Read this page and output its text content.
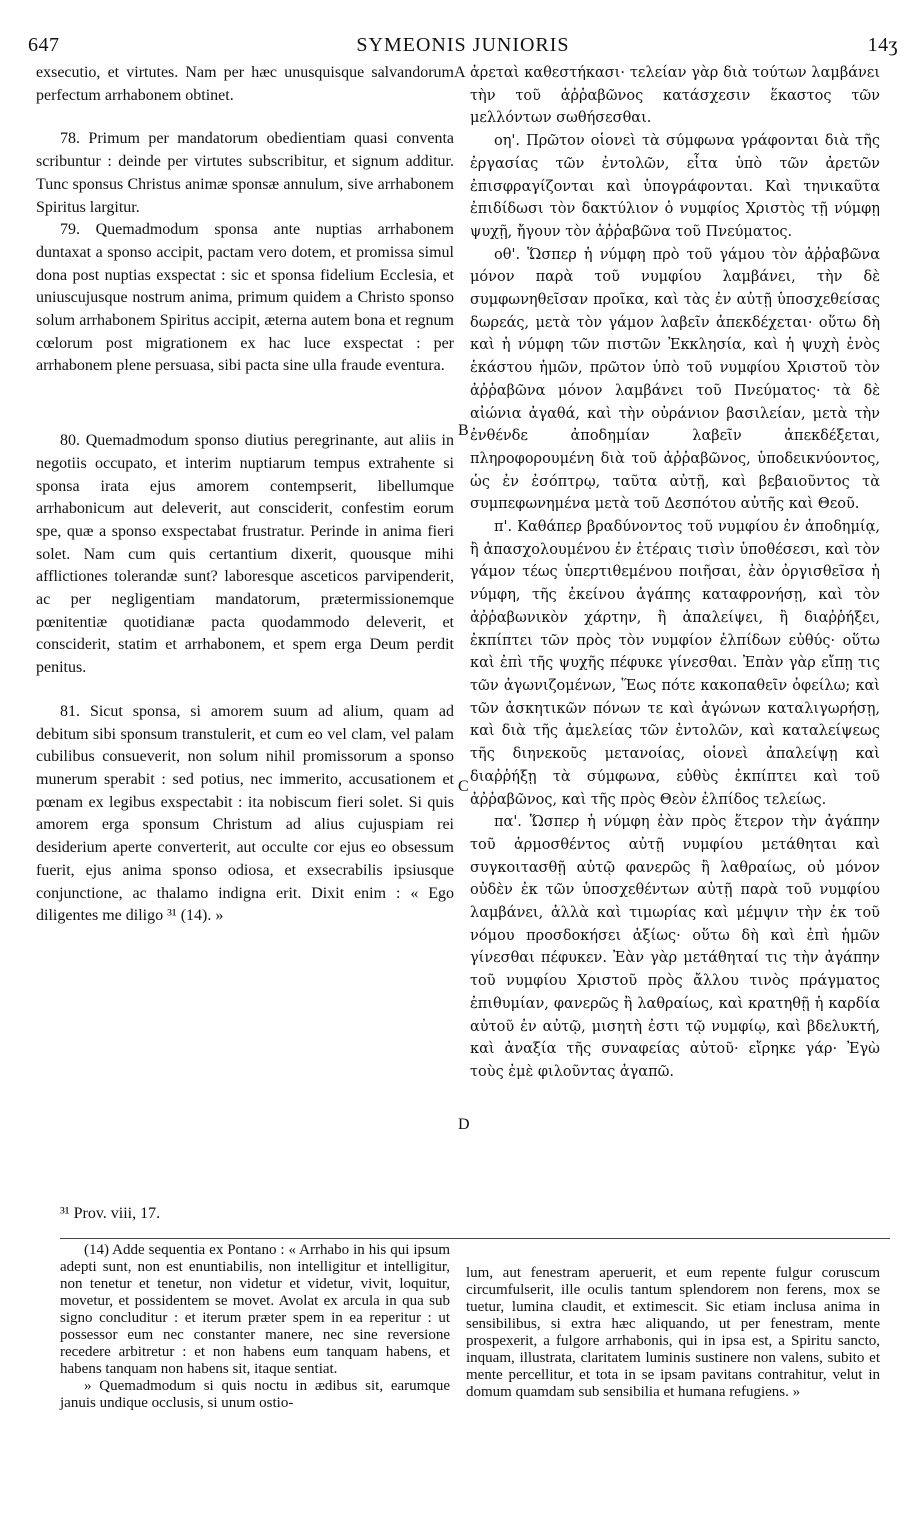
647	SYMEONIS JUNIORIS	14ʒ

exsecutio, et virtutes. Nam per hæc unusquisque salvandorum perfectum arrhabonem obtinet.

78. Primum per mandatorum obedientiam quasi conventa scribuntur : deinde per virtutes subscribitur, et signum additur. Tunc sponsus Christus animæ sponsæ annulum, sive arrhabonem Spiritus largitur.

79. Quemadmodum sponsa ante nuptias arrhabonem duntaxat a sponso accipit, pactam vero dotem, et promissa simul dona post nuptias exspectat : sic et sponsa fidelium Ecclesia, et uniuscujusque nostrum anima, primum quidem a Christo sponso solum arrhabonem Spiritus accipit, æterna autem bona et regnum cœlorum post migrationem ex hac luce exspectat : per arrhabonem plene persuasa, sibi pacta sine ulla fraude eventura.

80. Quemadmodum sponso diutius peregrinante, aut aliis in negotiis occupato, et interim nuptiarum tempus extrahente si sponsa irata ejus amorem contempserit, libellumque arrhabonicum aut deleverit, aut consciderit, confestim eorum spe, quæ a sponso exspectabat frustratur. Perinde in anima fieri solet. Nam cum quis certantium dixerit, quousque mihi afflictiones tolerandæ sunt? laboresque asceticos parvipenderit, ac per negligentiam mandatorum, prætermissionemque pœnitentiæ quotidianæ pacta quodammodo deleverit, et consciderit, statim et arrhabonem, et spem erga Deum perdit penitus.

81. Sicut sponsa, si amorem suum ad alium, quam ad debitum sibi sponsum transtulerit, et cum eo vel clam, vel palam cubilibus consueverit, non solum nihil promissorum a sponso munerum sperabit : sed potius, nec immerito, accusationem et pœnam ex legibus exspectabit : ita nobiscum fieri solet. Si quis amorem erga sponsum Christum ad alius cujuspiam rei desiderium aperte converterit, aut occulte cor ejus eo obsessum fuerit, ejus anima sponso odiosa, et exsecrabilis ipsiusque conjunctione, ac thalamo indigna erit. Dixit enim : « Ego diligentes me diligo ³¹ (14). »

A
B
C
D

ἀρεταὶ καθεστήκασι· τελείαν γὰρ διὰ τούτων λαμβάνει τὴν τοῦ ἀῤῥαβῶνος κατάσχεσιν ἕκαστος τῶν μελλόντων σωθήσεσθαι.

οη'. Πρῶτον οἱονεὶ τὰ σύμφωνα γράφονται διὰ τῆς ἐργασίας τῶν ἐντολῶν, εἶτα ὑπὸ τῶν ἀρετῶν ἐπισφραγίζονται καὶ ὑπογράφονται. Καὶ τηνικαῦτα ἐπιδίδωσι τὸν δακτύλιον ὁ νυμφίος Χριστὸς τῇ νύμφῃ ψυχῇ, ἤγουν τὸν ἀῤῥαβῶνα τοῦ Πνεύματος.

οθ'. Ὥσπερ ἡ νύμφη πρὸ τοῦ γάμου τὸν ἀῤῥαβῶνα μόνον παρὰ τοῦ νυμφίου λαμβάνει, τὴν δὲ συμφωνηθεῖσαν προῖκα, καὶ τὰς ἐν αὐτῇ ὑποσχεθείσας δωρεάς, μετὰ τὸν γάμον λαβεῖν ἀπεκδέχεται· οὕτω δὴ καὶ ἡ νύμφη τῶν πιστῶν Ἐκκλησία, καὶ ἡ ψυχὴ ἑνὸς ἑκάστου ἡμῶν, πρῶτον ὑπὸ τοῦ νυμφίου Χριστοῦ τὸν ἀῤῥαβῶνα μόνον λαμβάνει τοῦ Πνεύματος· τὰ δὲ αἰώνια ἀγαθά, καὶ τὴν οὐράνιον βασιλείαν, μετὰ τὴν ἐνθένδε ἀποδημίαν λαβεῖν ἀπεκδέξεται, πληροφορουμένη διὰ τοῦ ἀῤῥαβῶνος, ὑποδεικνύοντος, ὡς ἐν ἐσόπτρῳ, ταῦτα αὐτῇ, καὶ βεβαιοῦντος τὰ συμπεφωνημένα μετὰ τοῦ Δεσπότου αὐτῆς καὶ Θεοῦ.

π'. Καθάπερ βραδύνοντος τοῦ νυμφίου ἐν ἀποδημίᾳ, ἢ ἀπασχολουμένου ἐν ἑτέραις τισὶν ὑποθέσεσι, καὶ τὸν γάμον τέως ὑπερτιθεμένου ποιῆσαι, ἐὰν ὀργισθεῖσα ἡ νύμφη, τῆς ἐκείνου ἀγάπης καταφρονήσῃ, καὶ τὸν ἀῤῥαβωνικὸν χάρτην, ἢ ἀπαλείψει, ἢ διαῤῥήξει, ἐκπίπτει τῶν πρὸς τὸν νυμφίον ἐλπίδων εὐθύς· οὕτω καὶ ἐπὶ τῆς ψυχῆς πέφυκε γίνεσθαι. Ἐπὰν γὰρ εἴπῃ τις τῶν ἀγωνιζομένων, Ἕως πότε κακοπαθεῖν ὀφείλω; καὶ τῶν ἀσκητικῶν πόνων τε καὶ ἀγώνων καταλιγωρήσῃ, καὶ διὰ τῆς ἀμελείας τῶν ἐντολῶν, καὶ καταλείψεως τῆς διηνεκοῦς μετανοίας, οἱονεὶ ἀπαλείψῃ καὶ διαῤῥήξῃ τὰ σύμφωνα, εὐθὺς ἐκπίπτει καὶ τοῦ ἀῤῥαβῶνος, καὶ τῆς πρὸς Θεὸν ἐλπίδος τελείως.

πα'. Ὥσπερ ἡ νύμφη ἐὰν πρὸς ἕτερον τὴν ἀγάπην τοῦ ἁρμοσθέντος αὐτῇ νυμφίου μετάθηται καὶ συγκοιτασθῇ αὐτῷ φανερῶς ἢ λαθραίως, οὐ μόνον οὐδὲν ἐκ τῶν ὑποσχεθέντων αὐτῇ παρὰ τοῦ νυμφίου λαμβάνει, ἀλλὰ καὶ τιμωρίας καὶ μέμψιν τὴν ἐκ τοῦ νόμου προσδοκήσει ἀξίως· οὕτω δὴ καὶ ἐπὶ ἡμῶν γίνεσθαι πέφυκεν. Ἐὰν γὰρ μετάθηταί τις τὴν ἀγάπην τοῦ νυμφίου Χριστοῦ πρὸς ἄλλου τινὸς πράγματος ἐπιθυμίαν, φανερῶς ἢ λαθραίως, καὶ κρατηθῇ ἡ καρδία αὐτοῦ ἐν αὐτῷ, μισητὴ ἐστι τῷ νυμφίῳ, καὶ βδελυκτή, καὶ ἀναξία τῆς συναφείας αὐτοῦ· εἴρηκε γάρ· Ἐγὼ τοὺς ἐμὲ φιλοῦντας ἀγαπῶ.

³¹ Prov. viii, 17.

(14) Adde sequentia ex Pontano : « Arrhabo in his qui ipsum adepti sunt, non est enuntiabilis, non intelligitur et intelligitur, non tenetur et tenetur, non videtur et videtur, vivit, loquitur, movetur, et possidentem se movet. Avolat ex arcula in qua sub signo concluditur : et iterum præter spem in ea reperitur : ut possessor eum nec constanter manere, nec sine reversione recedere arbitretur : et non habens eum tanquam habens, et habens tanquam non habens sit, itaque sentiat.

» Quemadmodum si quis noctu in ædibus sit, earumque januis undique occlusis, si unum ostio-

lum, aut fenestram aperuerit, et eum repente fulgur coruscum circumfulserit, ille oculis tantum splendorem non ferens, mox se tuetur, lumina claudit, et extimescit. Sic etiam inclusa anima in sensibilibus, si extra hæc aliquando, ut per fenestram, mente prospexerit, a fulgore arrhabonis, qui in ipsa est, a Spiritu sancto, inquam, illustrata, claritatem luminis sustinere non valens, subito et mente percellitur, et tota in se ipsam pavitans contrahitur, velut in domum quamdam sub sensibilia et humana refugiens. »
